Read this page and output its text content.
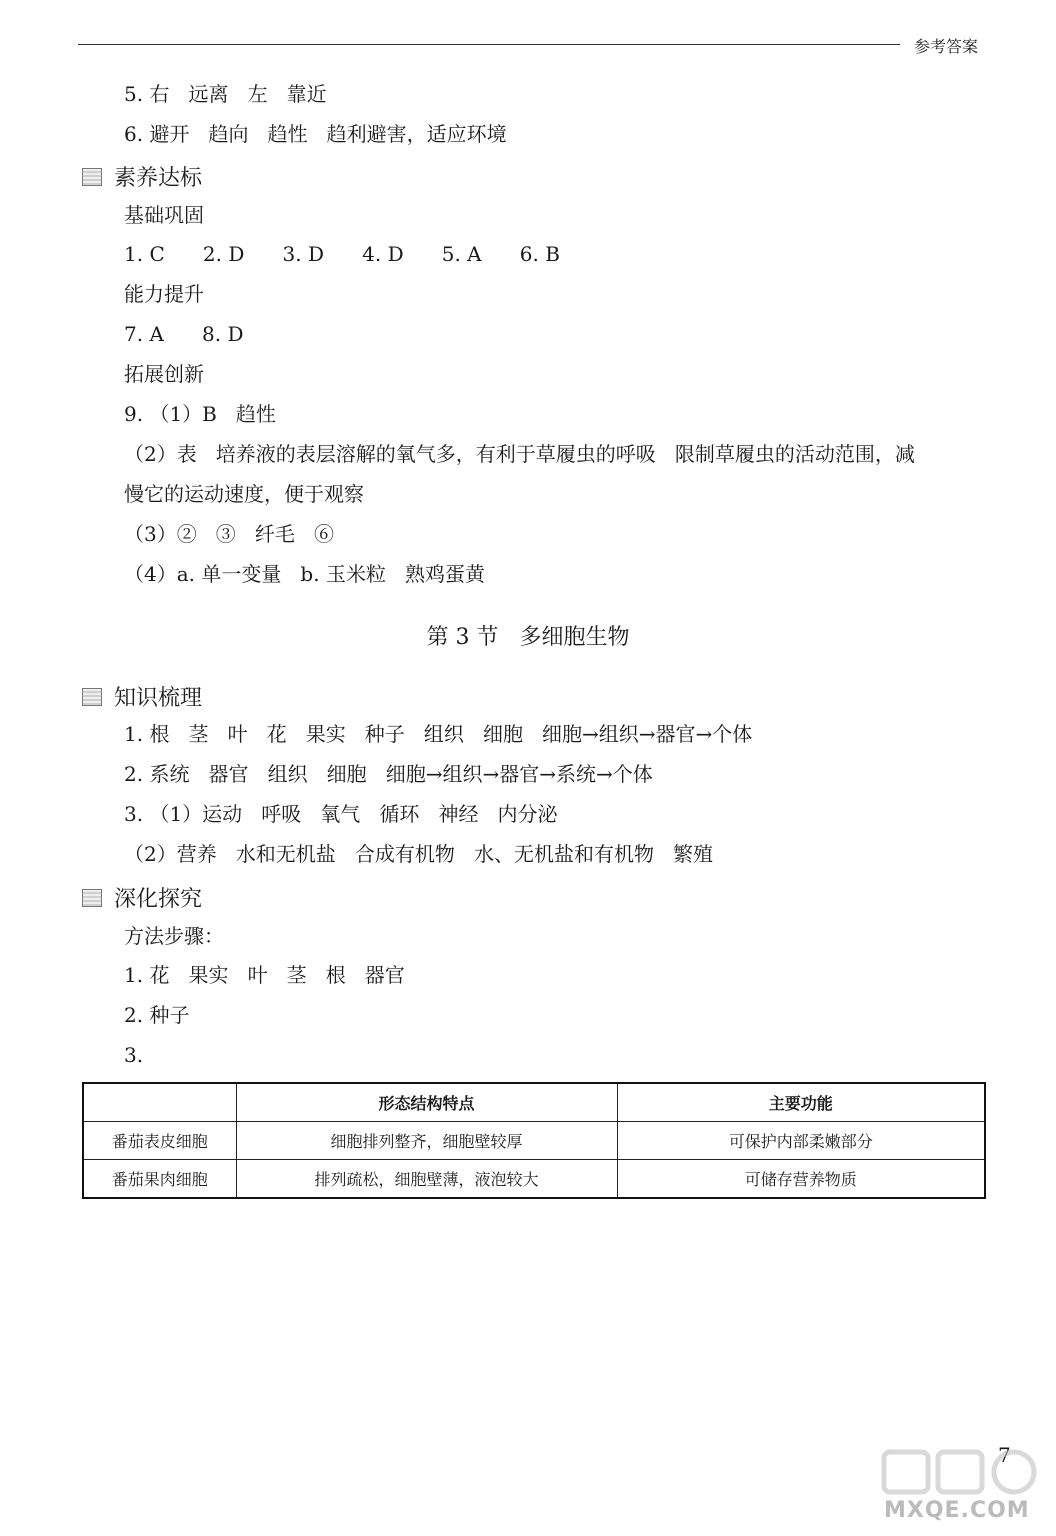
参考答案
5. 右   远离   左   靠近
6. 避开   趋向   趋性   趋利避害，适应环境
素养达标
基础巩固
1. C      2. D      3. D      4. D      5. A      6. B
能力提升
7. A      8. D
拓展创新
9. （1）B   趋性
（2）表   培养液的表层溶解的氧气多，有利于草履虫的呼吸   限制草履虫的活动范围，减
慢它的运动速度，便于观察
（3）②   ③   纤毛   ⑥
（4）a. 单一变量   b. 玉米粒   熟鸡蛋黄
第 3 节   多细胞生物
知识梳理
1. 根   茎   叶   花   果实   种子   组织   细胞   细胞→组织→器官→个体
2. 系统   器官   组织   细胞   细胞→组织→器官→系统→个体
3. （1）运动   呼吸   氧气   循环   神经   内分泌
（2）营养   水和无机盐   合成有机物   水、无机盐和有机物   繁殖
深化探究
方法步骤：
1. 花   果实   叶   茎   根   器官
2. 种子
3.
	形态结构特点	主要功能
番茄表皮细胞	细胞排列整齐，细胞壁较厚	可保护内部柔嫩部分
番茄果肉细胞	排列疏松，细胞壁薄，液泡较大	可储存营养物质
7
MXQE.COM
